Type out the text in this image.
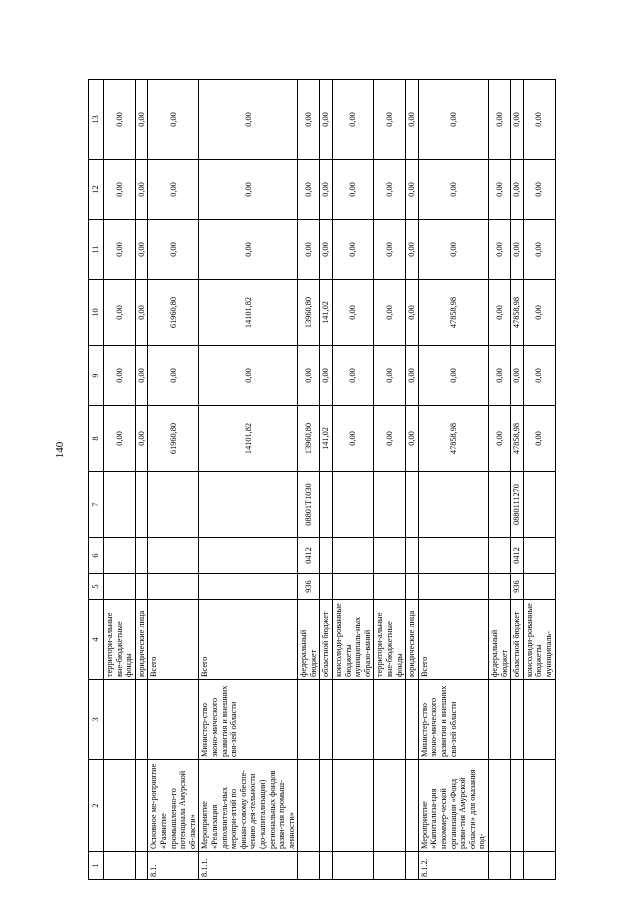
140
1	2	3	4	5	6	7	8	9	10	11	12	13
			территори-альные вне-бюджетные фонды				0,00	0,00	0,00	0,00	0,00	0,00
			юридические лица				0,00	0,00	0,00	0,00	0,00	0,00
8.1.	Основное ме-роприятие «Развитие промышленно-го потенциала Амурской об-ласти»		Всего				61960,80	0,00	61960,80	0,00	0,00	0,00
8.1.1.	Мероприятие «Реализация дополнитель-ных меропри-ятий по финан-совому обеспе-чению дея-тельности (до-капитализации) региональных фондов разви-тия промыш-ленности»	Министер-ство эконо-мического развития и внешних свя-зей области	Всего				14101,82	0,00	14101,82	0,00	0,00	0,00
			федеральный бюджет	936	0412	08801Т1030	13960,80	0,00	13960,80	0,00	0,00	0,00
			областной бюджет				141,02	0,00	141,02	0,00	0,00	0,00
			консолиди-рованные бюджеты муниципаль-ных образо-ваний				0,00	0,00	0,00	0,00	0,00	0,00
			территори-альные вне-бюджетные фонды				0,00	0,00	0,00	0,00	0,00	0,00
			юридические лица				0,00	0,00	0,00	0,00	0,00	0,00
8.1.2.	Мероприятие «Капитализа-ция некоммер-ческой организации «Фонд разви-тия Амурской области» для оказания под-	Министер-ство эконо-мического развития и внешних свя-зей области	Всего				47858,98	0,00	47858,98	0,00	0,00	0,00
			федеральный бюджет				0,00	0,00	0,00	0,00	0,00	0,00
			областной бюджет	936	0412	0880111270	47858,98	0,00	47858,98	0,00	0,00	0,00
			консолиди-рованные бюджеты муниципаль-				0,00	0,00	0,00	0,00	0,00	0,00
